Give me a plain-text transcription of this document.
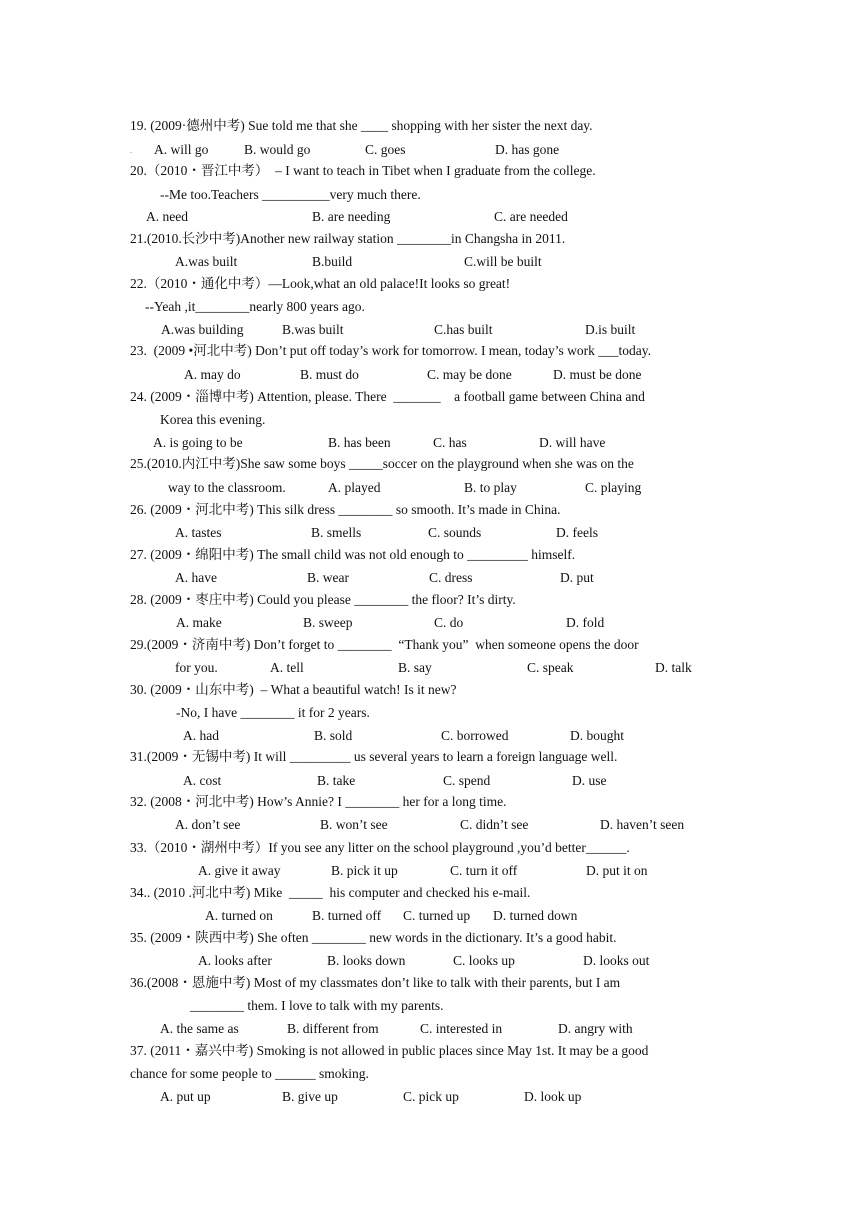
19. (2009·德州中考) Sue told me that she ____ shopping with her sister the next day.
A. will go	B. would go	C. goes	D. has gone
20.（2010・晋江中考）  – I want to teach in Tibet when I graduate from the college.
--Me too.Teachers __________very much there.
A. need	B. are needing	C. are needed
21.(2010.长沙中考)Another new railway station ________in Changsha in 2011.
A.was built	B.build	C.will be built
22.（2010・通化中考）—Look,what an old palace!It looks so great!
--Yeah ,it________nearly 800 years ago.
A.was building	B.was built	C.has built	D.is built
23.  (2009 •河北中考) Don’t put off today’s work for tomorrow. I mean, today’s work ___today.
A. may do	B. must do	C. may be done	D. must be done
24. (2009・淄博中考) Attention, please. There  _______    a football game between China and
Korea this evening.
A. is going to be	B. has been	C. has	D. will have
25.(2010.内江中考)She saw some boys _____soccer on the playground when she was on the
way to the classroom.	A. played	B. to play	C. playing
26. (2009・河北中考) This silk dress ________ so smooth. It’s made in China.
A. tastes	B. smells	C. sounds	D. feels
27. (2009・绵阳中考) The small child was not old enough to _________ himself.
A. have	B. wear	C. dress	D. put
28. (2009・枣庄中考) Could you please ________ the floor? It’s dirty.
A. make	B. sweep	C. do	D. fold
29.(2009・济南中考) Don’t forget to ________  “Thank you”  when someone opens the door
for you.	A. tell	B. say	C. speak	D. talk
30. (2009・山东中考)  – What a beautiful watch! Is it new?
-No, I have ________ it for 2 years.
A. had	B. sold	C. borrowed	D. bought
31.(2009・无锡中考) It will _________ us several years to learn a foreign language well.
A. cost	B. take	C. spend	D. use
32. (2008・河北中考) How’s Annie? I ________ her for a long time.
A. don’t see	B. won’t see	C. didn’t see	D. haven’t seen
33.（2010・湖州中考）If you see any litter on the school playground ,you’d better______.
A. give it away	B. pick it up	C. turn it off	D. put it on
34.. (2010 .河北中考) Mike  _____  his computer and checked his e-mail.
A. turned on	B. turned off C. turned up D. turned down
35. (2009・陕西中考) She often ________ new words in the dictionary. It’s a good habit.
A. looks after	B. looks down	C. looks up	D. looks out
36.(2008・恩施中考) Most of my classmates don’t like to talk with their parents, but I am
________ them. I love to talk with my parents.
A. the same as	B. different from	C. interested in	D. angry with
37. (2011・嘉兴中考) Smoking is not allowed in public places since May 1st. It may be a good
chance for some people to ______ smoking.
A. put up	B. give up	C. pick up	D. look up
.
